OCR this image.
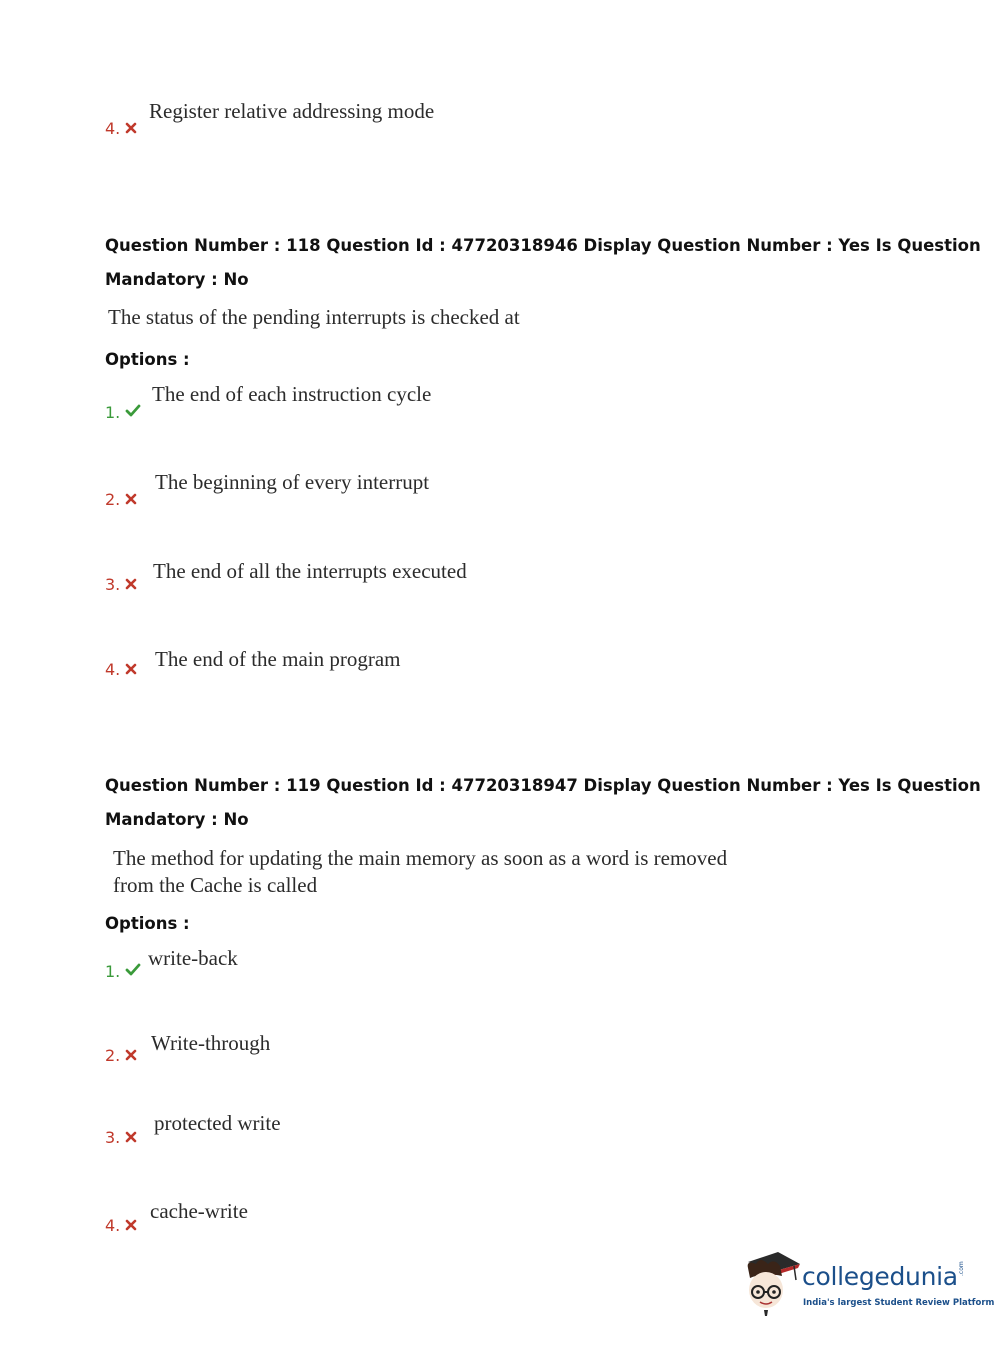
4.
Register relative addressing mode
Question Number : 118 Question Id : 47720318946 Display Question Number : Yes Is Question
Mandatory : No
The status of the pending interrupts is checked at
Options :
1.
The end of each instruction cycle
2.
The beginning of every interrupt
3.
The end of all the interrupts executed
4. The end of the main program
Question Number : 119 Question Id : 47720318947 Display Question Number : Yes Is Question
Mandatory : No
The method for updating the main memory as soon as a word is removed
from the Cache is called
Options :
1.
write-back
2.
Write-through
3.
protected write
4.
cache-write
collegedunia .com
India's largest Student Review Platform
